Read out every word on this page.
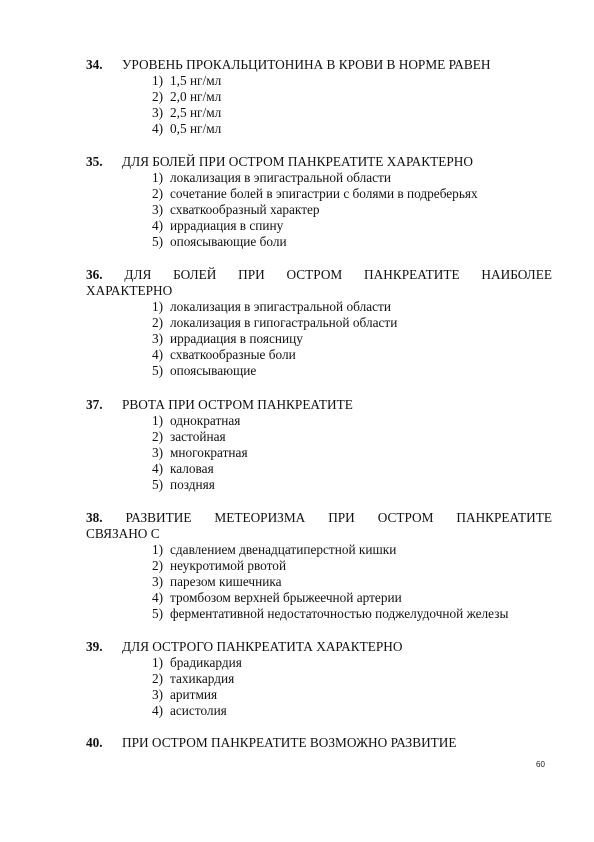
34.	УРОВЕНЬ ПРОКАЛЬЦИТОНИНА В КРОВИ В НОРМЕ РАВЕН
1) 1,5 нг/мл
2) 2,0 нг/мл
3) 2,5 нг/мл
4) 0,5 нг/мл
35.	ДЛЯ БОЛЕЙ ПРИ ОСТРОМ ПАНКРЕАТИТЕ ХАРАКТЕРНО
1) локализация в эпигастральной области
2) сочетание болей в эпигастрии с болями в подреберьях
3) схваткообразный характер
4) иррадиация в спину
5) опоясывающие боли
36. ДЛЯ БОЛЕЙ ПРИ ОСТРОМ ПАНКРЕАТИТЕ НАИБОЛЕЕ
ХАРАКТЕРНО
1) локализация в эпигастральной области
2) локализация в гипогастральной области
3) иррадиация в поясницу
4) схваткообразные боли
5) опоясывающие
37.	РВОТА ПРИ ОСТРОМ ПАНКРЕАТИТЕ
1) однократная
2) застойная
3) многократная
4) каловая
5) поздняя
38. РАЗВИТИЕ МЕТЕОРИЗМА ПРИ ОСТРОМ ПАНКРЕАТИТЕ
СВЯЗАНО С
1) сдавлением двенадцатиперстной кишки
2) неукротимой рвотой
3) парезом кишечника
4) тромбозом верхней брыжеечной артерии
5) ферментативной недостаточностью поджелудочной железы
39.	ДЛЯ ОСТРОГО ПАНКРЕАТИТА ХАРАКТЕРНО
1) брадикардия
2) тахикардия
3) аритмия
4) асистолия
40.	ПРИ ОСТРОМ ПАНКРЕАТИТЕ ВОЗМОЖНО РАЗВИТИЕ
60
